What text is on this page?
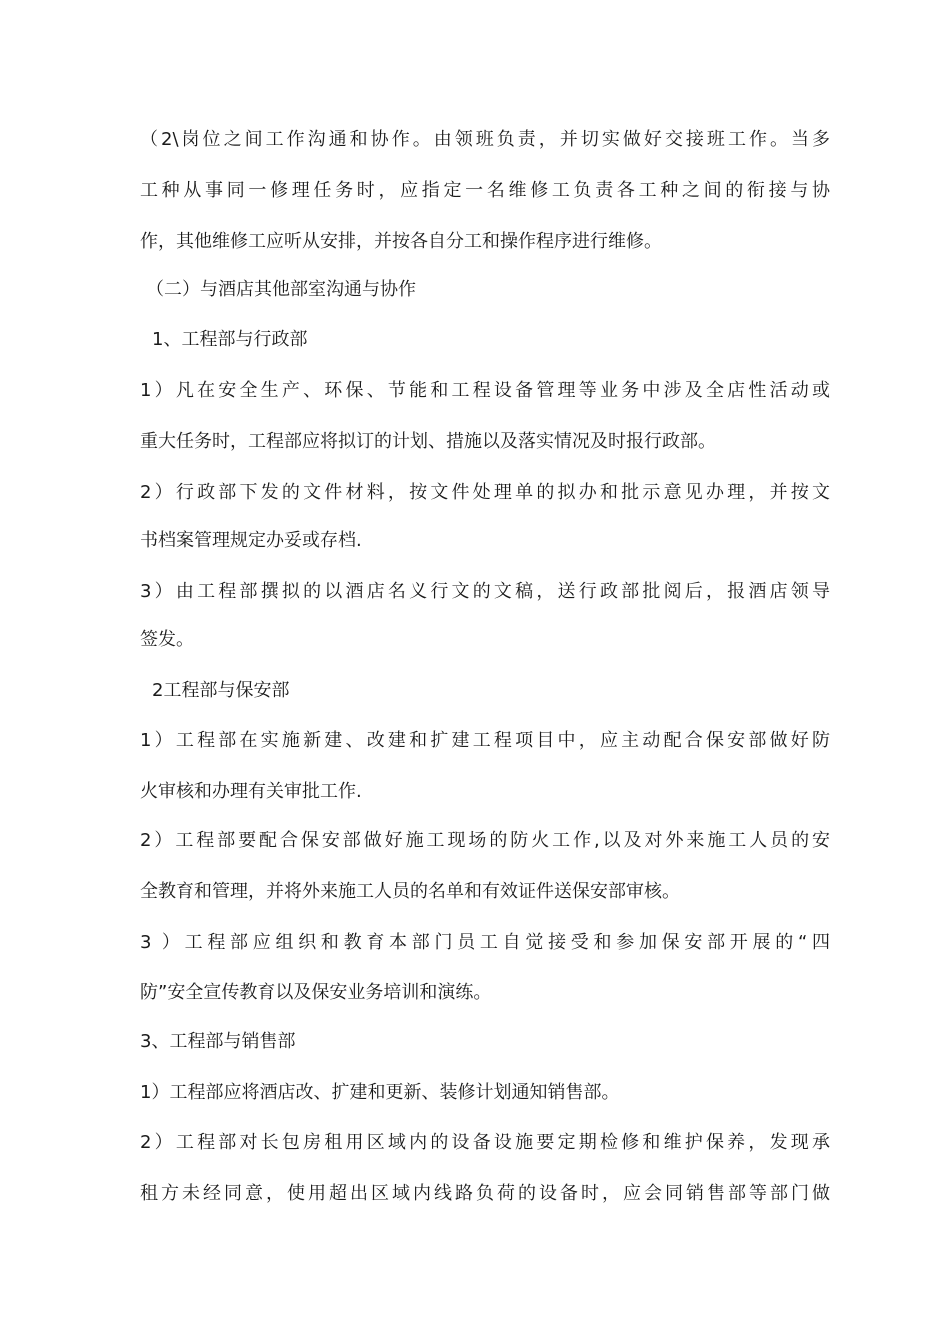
（2\岗位之间工作沟通和协作。由领班负责，并切实做好交接班工作。当多
工种从事同一修理任务时，应指定一名维修工负责各工种之间的衔接与协
作，其他维修工应听从安排，并按各自分工和操作程序进行维修。
（二）与酒店其他部室沟通与协作
1、工程部与行政部
1）凡在安全生产、环保、节能和工程设备管理等业务中涉及全店性活动或
重大任务时，工程部应将拟订的计划、措施以及落实情况及时报行政部。
2）行政部下发的文件材料，按文件处理单的拟办和批示意见办理，并按文
书档案管理规定办妥或存档.
3）由工程部撰拟的以酒店名义行文的文稿，送行政部批阅后，报酒店领导
签发。
2工程部与保安部
1）工程部在实施新建、改建和扩建工程项目中，应主动配合保安部做好防
火审核和办理有关审批工作.
2）工程部要配合保安部做好施工现场的防火工作,以及对外来施工人员的安
全教育和管理，并将外来施工人员的名单和有效证件送保安部审核。
3 ）工程部应组织和教育本部门员工自觉接受和参加保安部开展的“四
防”安全宣传教育以及保安业务培训和演练。
3、工程部与销售部
1）工程部应将酒店改、扩建和更新、装修计划通知销售部。
2）工程部对长包房租用区域内的设备设施要定期检修和维护保养，发现承
租方未经同意，使用超出区域内线路负荷的设备时，应会同销售部等部门做
